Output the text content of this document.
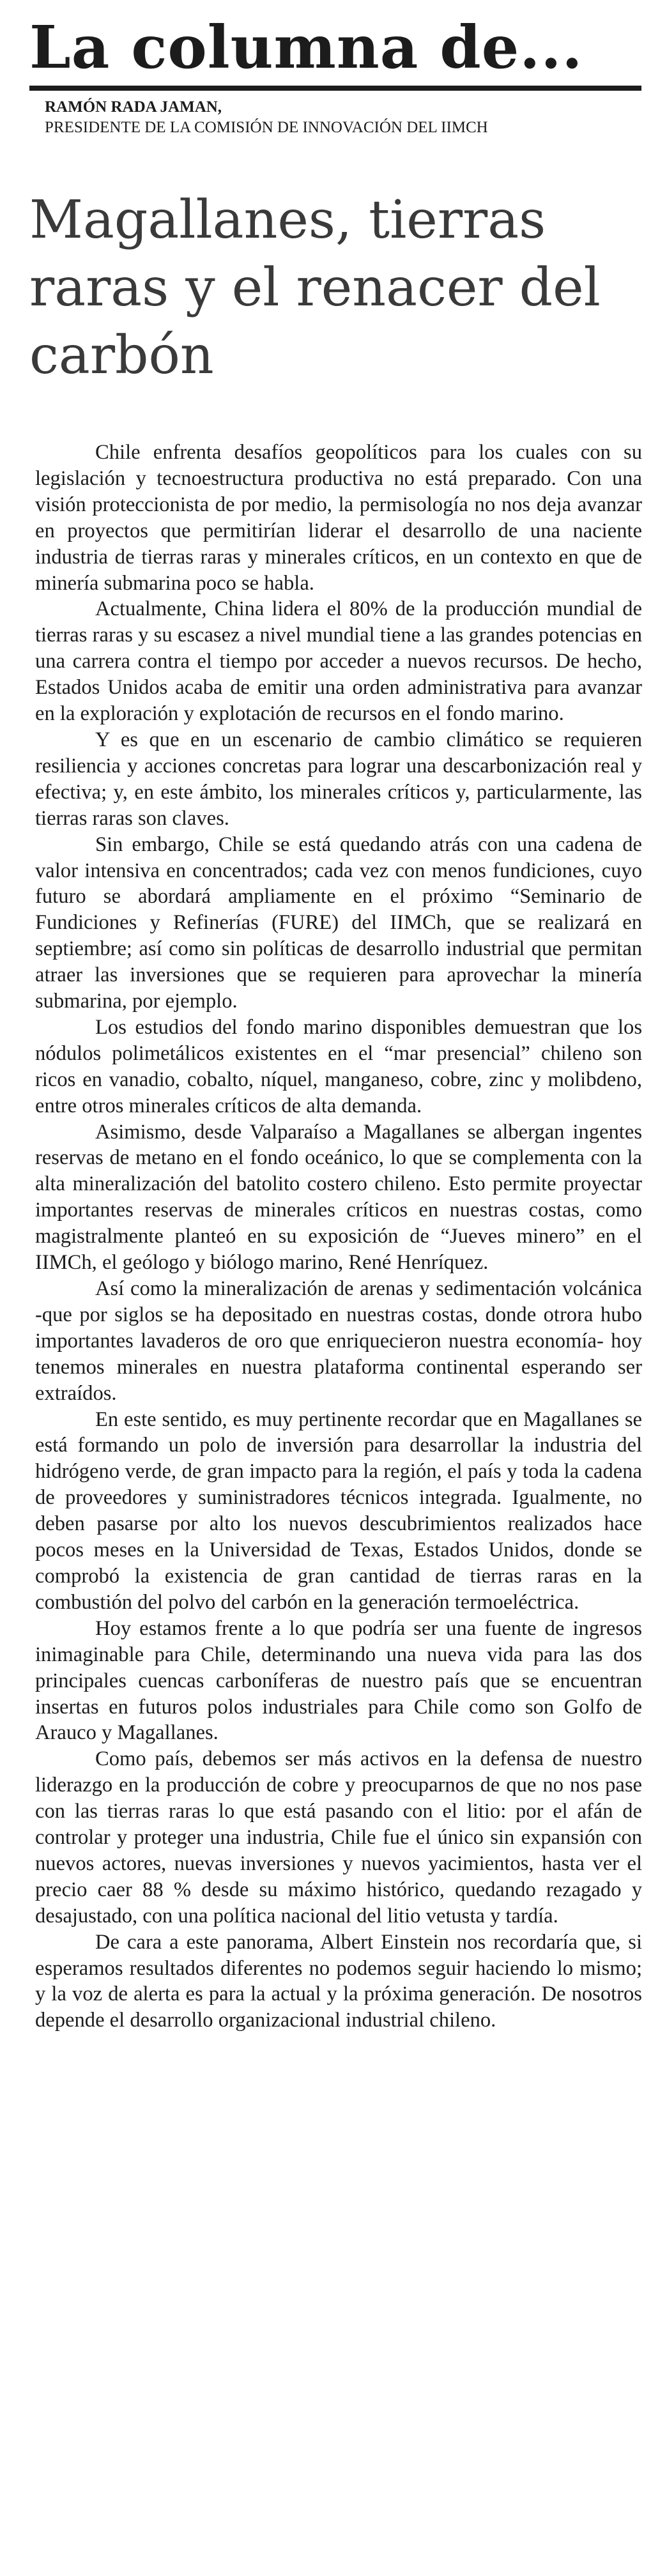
La columna de...
RAMÓN RADA JAMAN,
PRESIDENTE DE LA COMISIÓN DE INNOVACIÓN DEL IIMCH
Magallanes, tierras raras y el renacer del carbón

Chile enfrenta desafíos geopolíticos para los cuales con su legislación y tecnoestructura productiva no está preparado. Con una visión proteccionista de por medio, la permisología no nos deja avanzar en proyectos que permitirían liderar el desarrollo de una naciente industria de tierras raras y minerales críticos, en un contexto en que de minería submarina poco se habla.

Actualmente, China lidera el 80% de la producción mundial de tierras raras y su escasez a nivel mundial tiene a las grandes potencias en una carrera contra el tiempo por acceder a nuevos recursos. De hecho, Estados Unidos acaba de emitir una orden administrativa para avanzar en la exploración y explotación de recursos en el fondo marino.

Y es que en un escenario de cambio climático se requieren resiliencia y acciones concretas para lograr una descarbonización real y efectiva; y, en este ámbito, los minerales críticos y, particularmente, las tierras raras son claves.

Sin embargo, Chile se está quedando atrás con una cadena de valor intensiva en concentrados; cada vez con menos fundiciones, cuyo futuro se abordará ampliamente en el próximo “Seminario de Fundiciones y Refinerías (FURE) del IIMCh, que se realizará en septiembre; así como sin políticas de desarrollo industrial que permitan atraer las inversiones que se requieren para aprovechar la minería submarina, por ejemplo.

Los estudios del fondo marino disponibles demuestran que los nódulos polimetálicos existentes en el “mar presencial” chileno son ricos en vanadio, cobalto, níquel, manganeso, cobre, zinc y molibdeno, entre otros minerales críticos de alta demanda.

Asimismo, desde Valparaíso a Magallanes se albergan ingentes reservas de metano en el fondo oceánico, lo que se complementa con la alta mineralización del batolito costero chileno. Esto permite proyectar importantes reservas de minerales críticos en nuestras costas, como magistralmente planteó en su exposición de “Jueves minero” en el IIMCh, el geólogo y biólogo marino, René Henríquez.

Así como la mineralización de arenas y sedimentación volcánica -que por siglos se ha depositado en nuestras costas, donde otrora hubo importantes lavaderos de oro que enriquecieron nuestra economía- hoy tenemos minerales en nuestra plataforma continental esperando ser extraídos.

En este sentido, es muy pertinente recordar que en Magallanes se está formando un polo de inversión para desarrollar la industria del hidrógeno verde, de gran impacto para la región, el país y toda la cadena de proveedores y suministradores técnicos integrada. Igualmente, no deben pasarse por alto los nuevos descubrimientos realizados hace pocos meses en la Universidad de Texas, Estados Unidos, donde se comprobó la existencia de gran cantidad de tierras raras en la combustión del polvo del carbón en la generación termoeléctrica.

Hoy estamos frente a lo que podría ser una fuente de ingresos inimaginable para Chile, determinando una nueva vida para las dos principales cuencas carboníferas de nuestro país que se encuentran insertas en futuros polos industriales para Chile como son Golfo de Arauco y Magallanes.

Como país, debemos ser más activos en la defensa de nuestro liderazgo en la producción de cobre y preocuparnos de que no nos pase con las tierras raras lo que está pasando con el litio: por el afán de controlar y proteger una industria, Chile fue el único sin expansión con nuevos actores, nuevas inversiones y nuevos yacimientos, hasta ver el precio caer 88 % desde su máximo histórico, quedando rezagado y desajustado, con una política nacional del litio vetusta y tardía.

De cara a este panorama, Albert Einstein nos recordaría que, si esperamos resultados diferentes no podemos seguir haciendo lo mismo; y la voz de alerta es para la actual y la próxima generación. De nosotros depende el desarrollo organizacional industrial chileno.
